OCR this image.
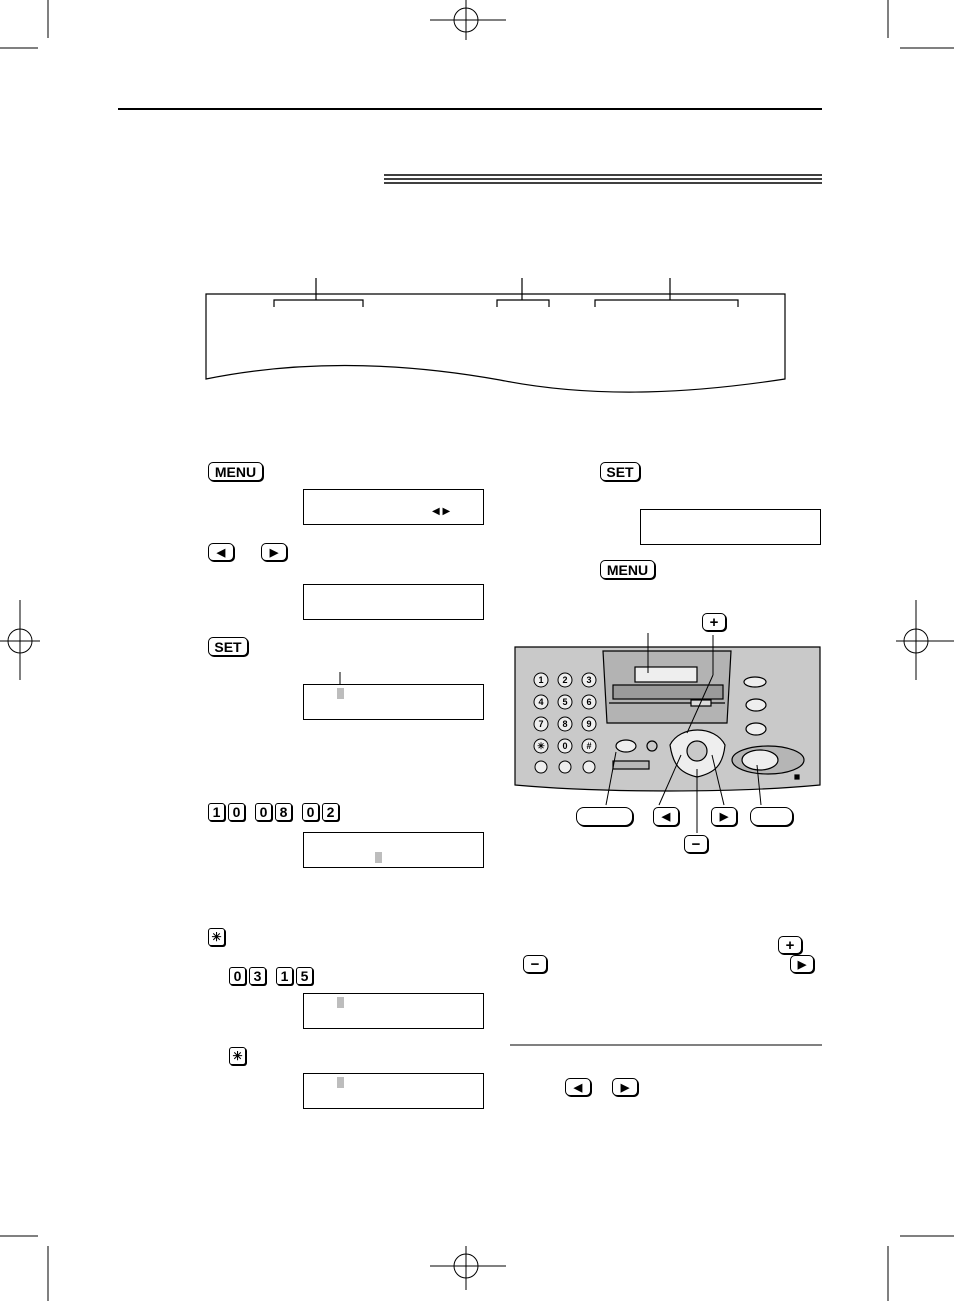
MENU
◀ ▶
◀	▶
SET
1 0	0 8	0 2
✳
0 3	1 5
✳
SET
MENU
1 2 3
4 5 6
7 8 9
✳ 0 #
+
◀	▶
−
+
−	▶
◀	▶
